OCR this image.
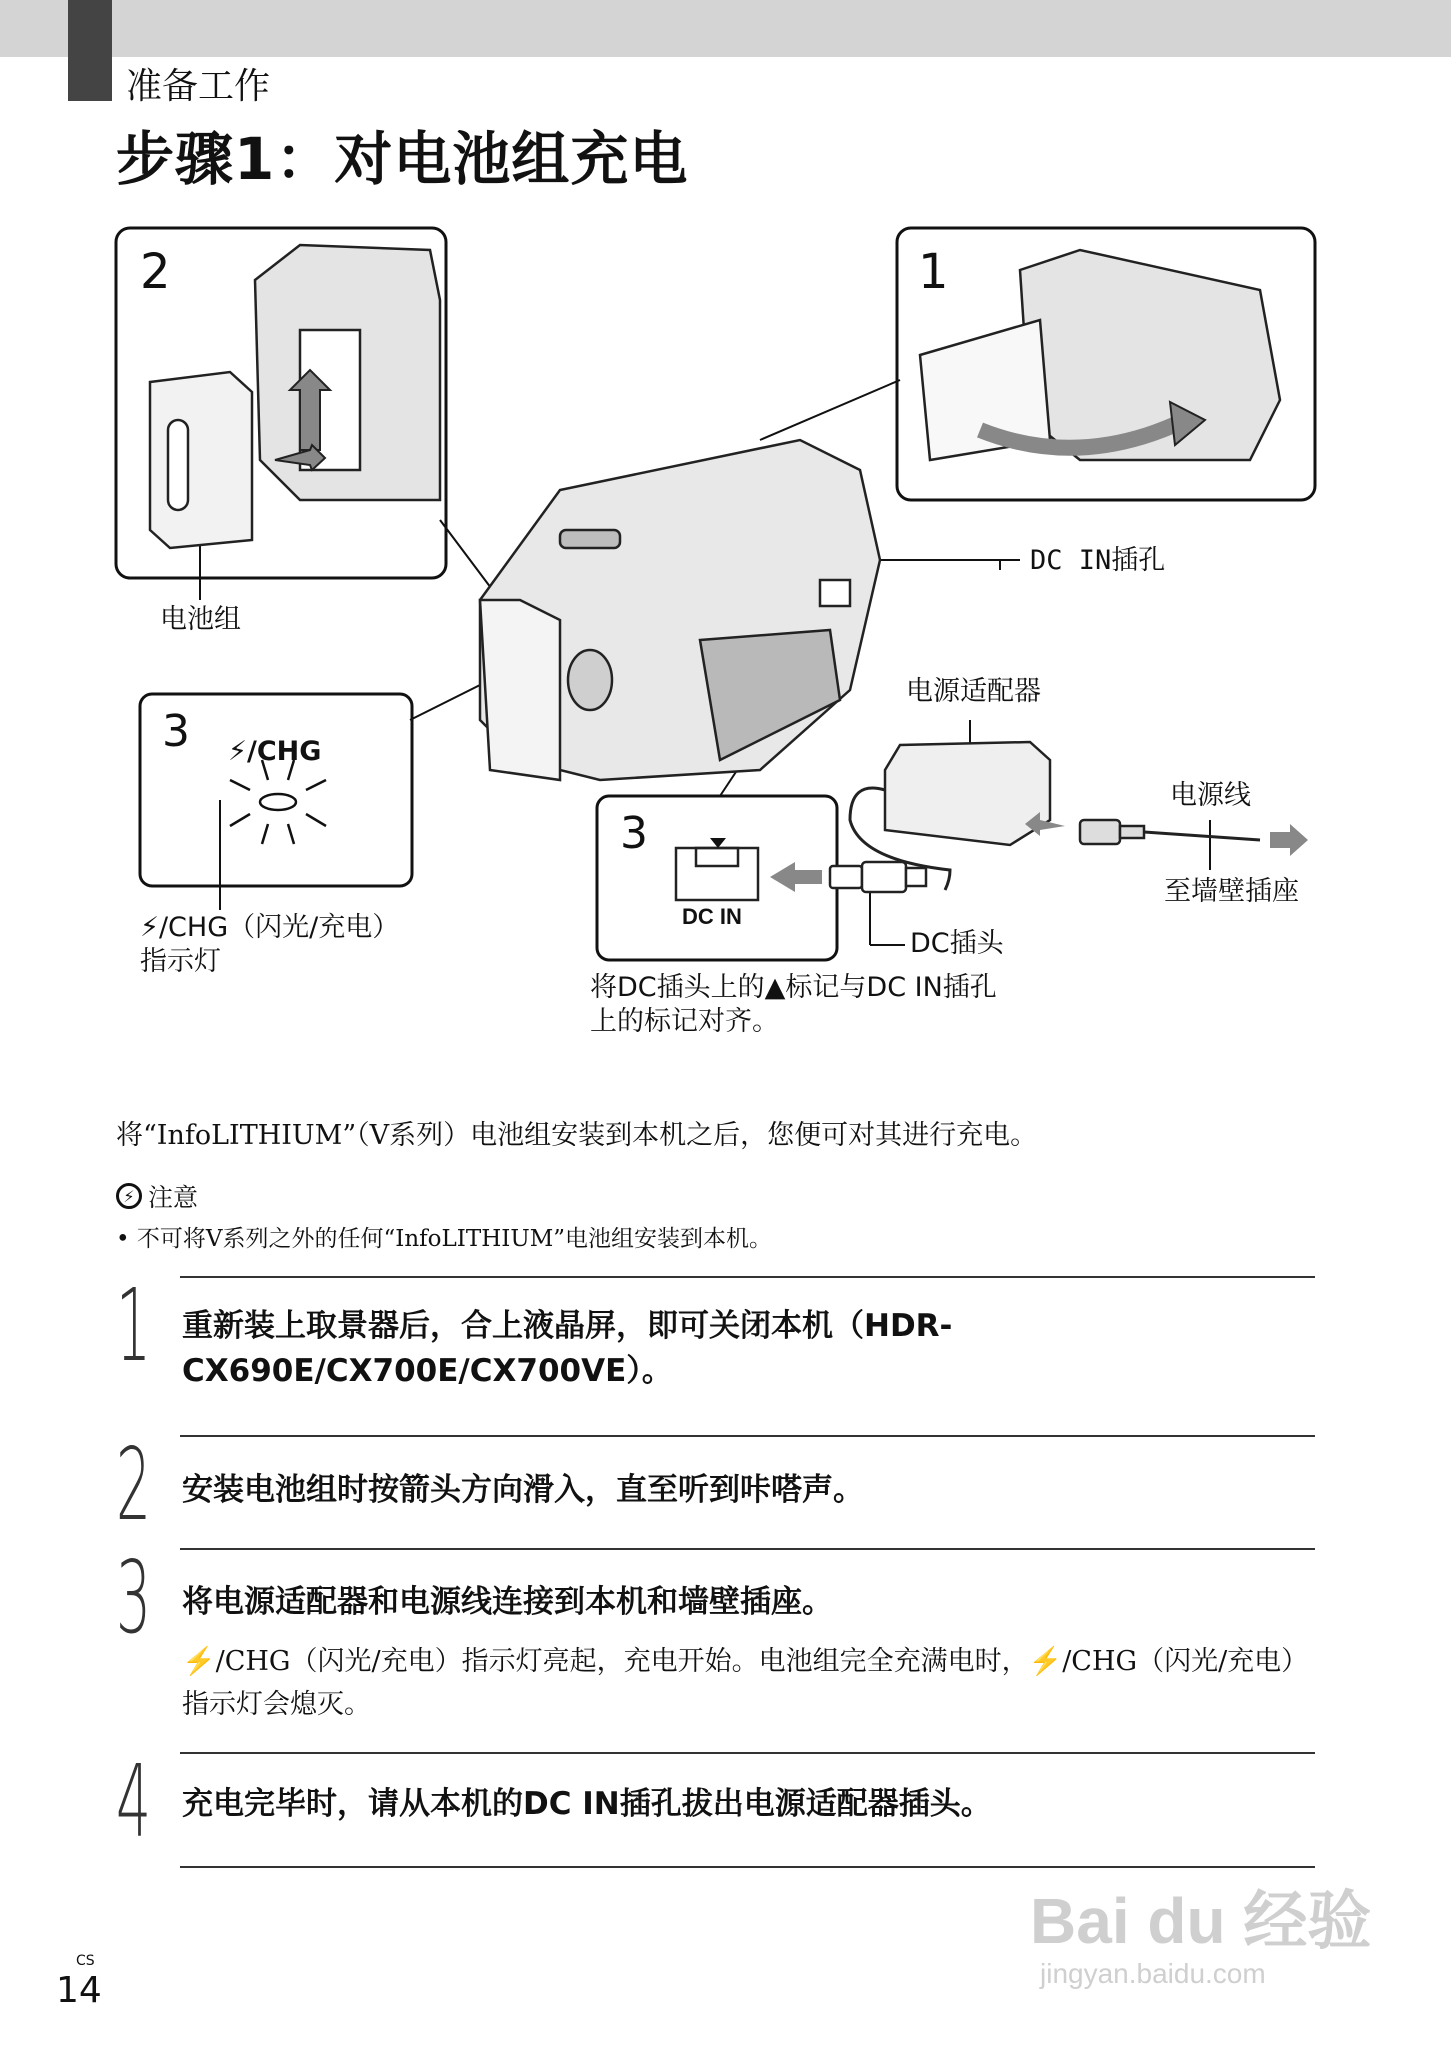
准备工作
步骤1：对电池组充电
2	1
3
3
⚡/CHG
DC IN
电池组
DC IN插孔
电源适配器
电源线
至墙壁插座
DC插头
⚡/CHG（闪光/充电）
指示灯
将DC插头上的▲标记与DC IN插孔
上的标记对齐。
将“InfoLITHIUM”（V系列）电池组安装到本机之后，您便可对其进行充电。
⚡ 注意
• 不可将V系列之外的任何“InfoLITHIUM”电池组安装到本机。
1 重新装上取景器后，合上液晶屏，即可关闭本机（HDR-CX690E/CX700E/CX700VE）。
2 安装电池组时按箭头方向滑入，直至听到咔嗒声。
3 将电源适配器和电源线连接到本机和墙壁插座。
⚡/CHG（闪光/充电）指示灯亮起，充电开始。电池组完全充满电时，⚡/CHG（闪光/充电）指示灯会熄灭。
4 充电完毕时，请从本机的DC IN插孔拔出电源适配器插头。
CS
14
Bai du 经验
jingyan.baidu.com
